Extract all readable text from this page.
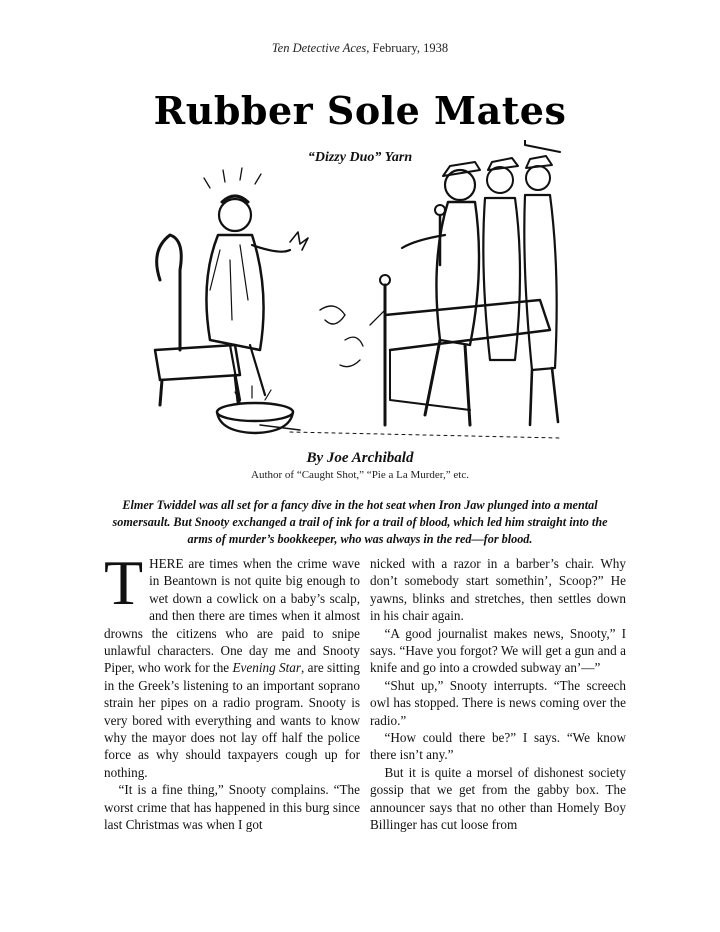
Ten Detective Aces, February, 1938
Rubber Sole Mates
“Dizzy Duo” Yarn
By Joe Archibald
Author of “Caught Shot,” “Pie a La Murder,” etc.

Elmer Twiddel was all set for a fancy dive in the hot seat when Iron Jaw plunged into a mental somersault. But Snooty exchanged a trail of ink for a trail of blood, which led him straight into the arms of murder’s bookkeeper, who was always in the red—for blood.

THERE are times when the crime wave in Beantown is not quite big enough to wet down a cowlick on a baby’s scalp, and then there are times when it almost drowns the citizens who are paid to snipe unlawful characters. One day me and Snooty Piper, who work for the Evening Star, are sitting in the Greek’s listening to an important soprano strain her pipes on a radio program. Snooty is very bored with everything and wants to know why the mayor does not lay off half the police force as why should taxpayers cough up for nothing.

“It is a fine thing,” Snooty complains. “The worst crime that has happened in this burg since last Christmas was when I got

nicked with a razor in a barber’s chair. Why don’t somebody start somethin’, Scoop?” He yawns, blinks and stretches, then settles down in his chair again.

“A good journalist makes news, Snooty,” I says. “Have you forgot? We will get a gun and a knife and go into a crowded subway an’—”

“Shut up,” Snooty interrupts. “The screech owl has stopped. There is news coming over the radio.”

“How could there be?” I says. “We know there isn’t any.”

But it is quite a morsel of dishonest society gossip that we get from the gabby box. The announcer says that no other than Homely Boy Billinger has cut loose from
